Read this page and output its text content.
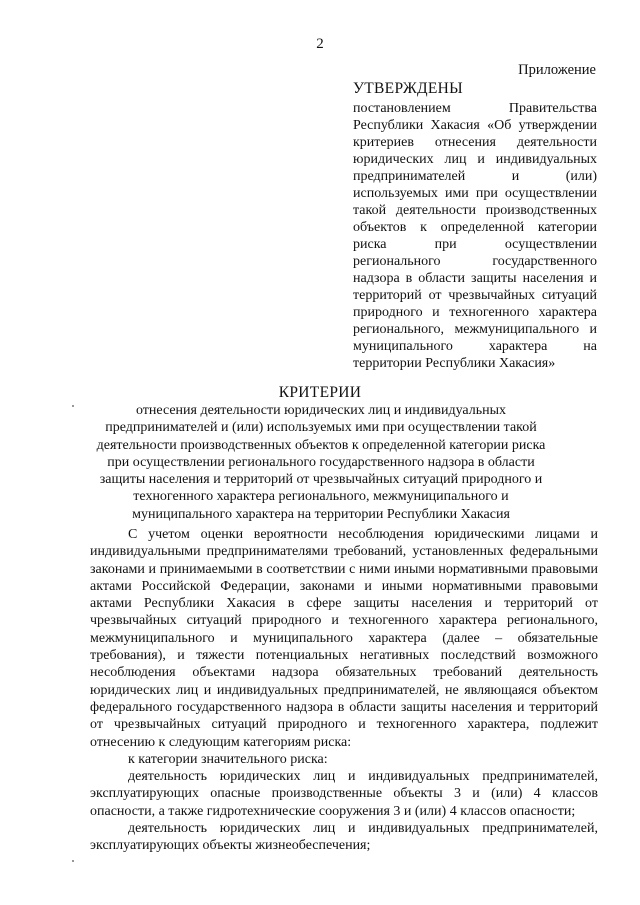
2
Приложение
УТВЕРЖДЕНЫ
постановлением Правительства Республики Хакасия «Об утверждении критериев отнесения деятельности юридических лиц и индивидуальных предпринимателей и (или) используемых ими при осуществлении такой деятельности производственных объектов к определенной категории риска при осуществлении регионального государственного надзора в области защиты населения и территорий от чрезвычайных ситуаций природного и техногенного характера регионального, межмуниципального и муниципального характера на территории Республики Хакасия»
КРИТЕРИИ
отнесения деятельности юридических лиц и индивидуальных предпринимателей и (или) используемых ими при осуществлении такой деятельности производственных объектов к определенной категории риска при осуществлении регионального государственного надзора в области защиты населения и территорий от чрезвычайных ситуаций природного и техногенного характера регионального, межмуниципального и муниципального характера на территории Республики Хакасия

С учетом оценки вероятности несоблюдения юридическими лицами и индивидуальными предпринимателями требований, установленных федеральными законами и принимаемыми в соответствии с ними иными нормативными правовыми актами Российской Федерации, законами и иными нормативными правовыми актами Республики Хакасия в сфере защиты населения и территорий от чрезвычайных ситуаций природного и техногенного характера регионального, межмуниципального и муниципального характера (далее – обязательные требования), и тяжести потенциальных негативных последствий возможного несоблюдения объектами надзора обязательных требований деятельность юридических лиц и индивидуальных предпринимателей, не являющаяся объектом федерального государственного надзора в области защиты населения и территорий от чрезвычайных ситуаций природного и техногенного характера, подлежит отнесению к следующим категориям риска:

к категории значительного риска:

деятельность юридических лиц и индивидуальных предпринимателей, эксплуатирующих опасные производственные объекты 3 и (или) 4 классов опасности, а также гидротехнические сооружения 3 и (или) 4 классов опасности;

деятельность юридических лиц и индивидуальных предпринимателей, эксплуатирующих объекты жизнеобеспечения;
